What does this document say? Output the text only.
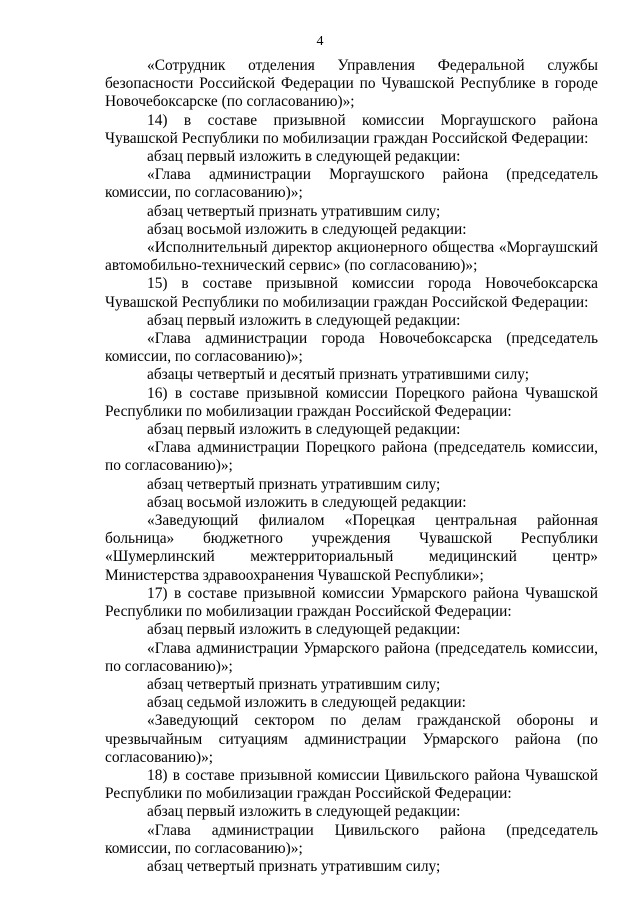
4

«Сотрудник отделения Управления Федеральной службы безопасности Российской Федерации по Чувашской Республике в городе Новочебоксарске (по согласованию)»;

14) в составе призывной комиссии Моргаушского района Чувашской Республики по мобилизации граждан Российской Федерации:

абзац первый изложить в следующей редакции:

«Глава администрации Моргаушского района (председатель комиссии, по согласованию)»;

абзац четвертый признать утратившим силу;

абзац восьмой изложить в следующей редакции:

«Исполнительный директор акционерного общества «Моргаушский автомобильно-технический сервис» (по согласованию)»;

15) в составе призывной комиссии города Новочебоксарска Чувашской Республики по мобилизации граждан Российской Федерации:

абзац первый изложить в следующей редакции:

«Глава администрации города Новочебоксарска (председатель комиссии, по согласованию)»;

абзацы четвертый и десятый признать утратившими силу;

16) в составе призывной комиссии Порецкого района Чувашской Республики по мобилизации граждан Российской Федерации:

абзац первый изложить в следующей редакции:

«Глава администрации Порецкого района (председатель комиссии, по согласованию)»;

абзац четвертый признать утратившим силу;

абзац восьмой изложить в следующей редакции:

«Заведующий филиалом «Порецкая центральная районная больница» бюджетного учреждения Чувашской Республики «Шумерлинский межтерриториальный медицинский центр» Министерства здравоохранения Чувашской Республики»;

17) в составе призывной комиссии Урмарского района Чувашской Республики по мобилизации граждан Российской Федерации:

абзац первый изложить в следующей редакции:

«Глава администрации Урмарского района (председатель комиссии, по согласованию)»;

абзац четвертый признать утратившим силу;

абзац седьмой изложить в следующей редакции:

«Заведующий сектором по делам гражданской обороны и чрезвычайным ситуациям администрации Урмарского района (по согласованию)»;

18) в составе призывной комиссии Цивильского района Чувашской Республики по мобилизации граждан Российской Федерации:

абзац первый изложить в следующей редакции:

«Глава администрации Цивильского района (председатель комиссии, по согласованию)»;

абзац четвертый признать утратившим силу;
